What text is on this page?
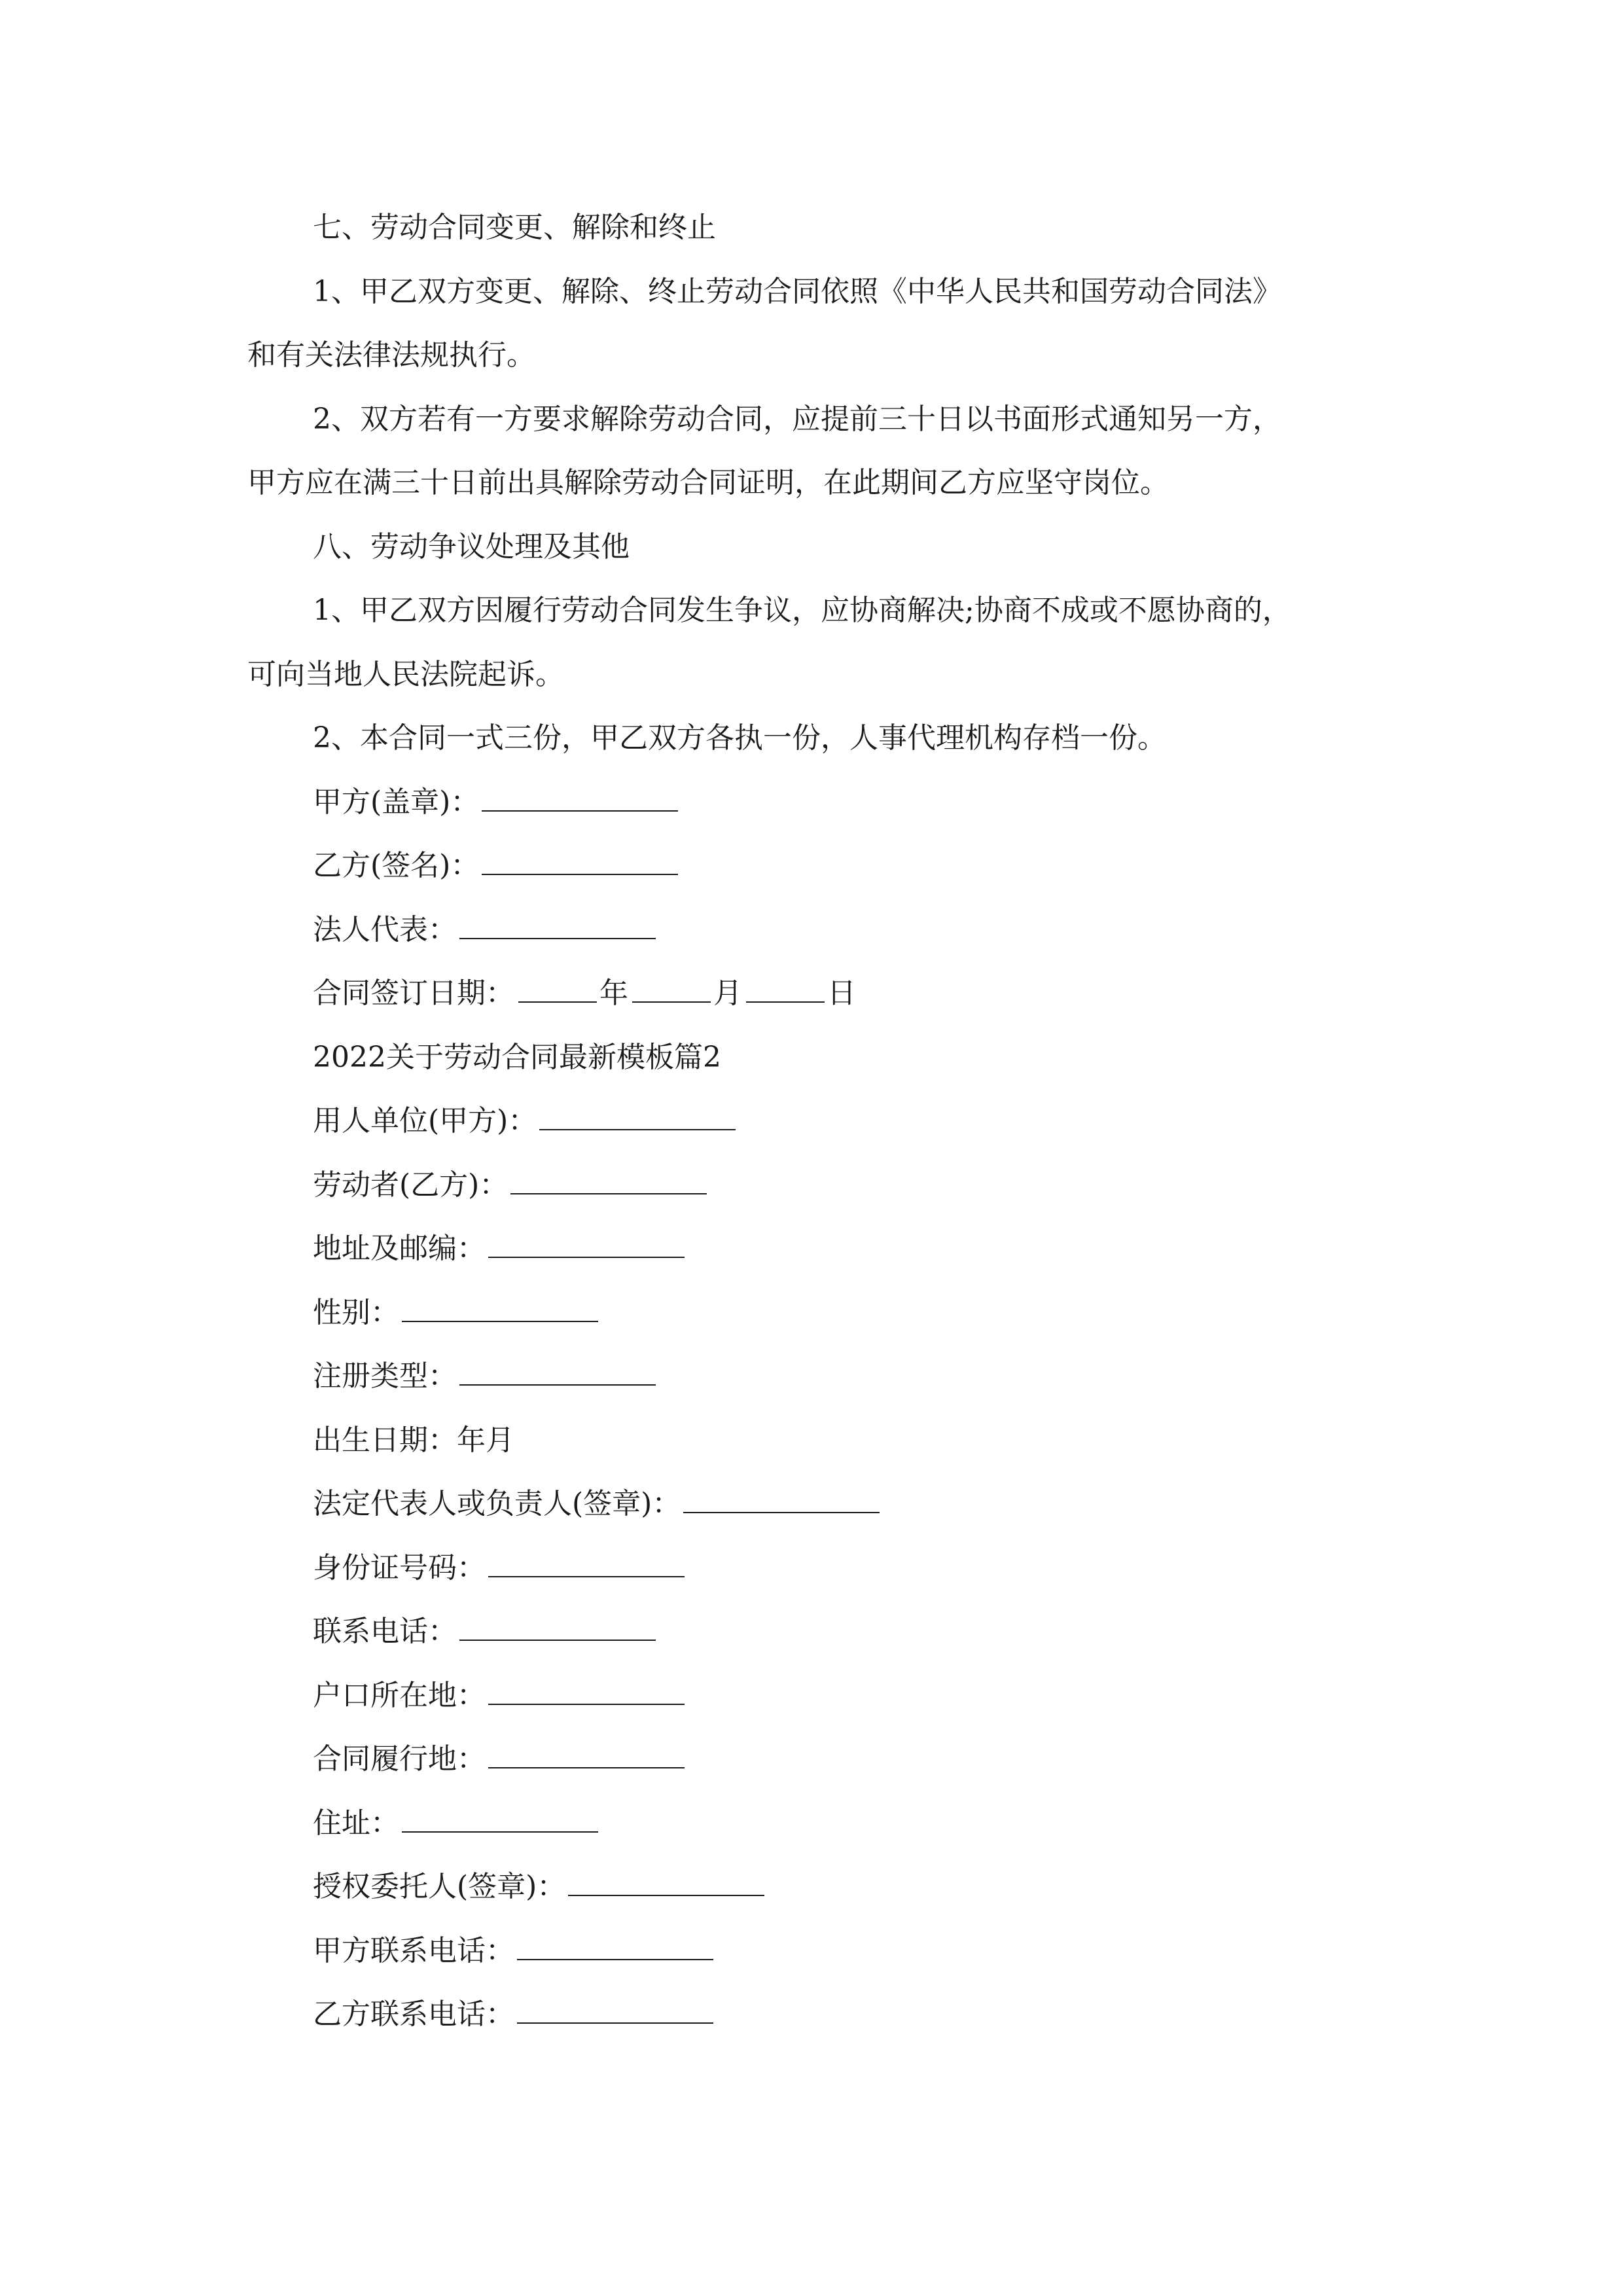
七、劳动合同变更、解除和终止
1、甲乙双方变更、解除、终止劳动合同依照《中华人民共和国劳动合同法》
和有关法律法规执行。
2、双方若有一方要求解除劳动合同，应提前三十日以书面形式通知另一方，
甲方应在满三十日前出具解除劳动合同证明，在此期间乙方应坚守岗位。
八、劳动争议处理及其他
1、甲乙双方因履行劳动合同发生争议，应协商解决;协商不成或不愿协商的，
可向当地人民法院起诉。
2、本合同一式三份，甲乙双方各执一份，人事代理机构存档一份。
甲方(盖章)：
乙方(签名)：
法人代表：
合同签订日期：	年	月	日
2022关于劳动合同最新模板篇2
用人单位(甲方)：
劳动者(乙方)：
地址及邮编：
性别：
注册类型：
出生日期：年月
法定代表人或负责人(签章)：
身份证号码：
联系电话：
户口所在地：
合同履行地：
住址：
授权委托人(签章)：
甲方联系电话：
乙方联系电话：
